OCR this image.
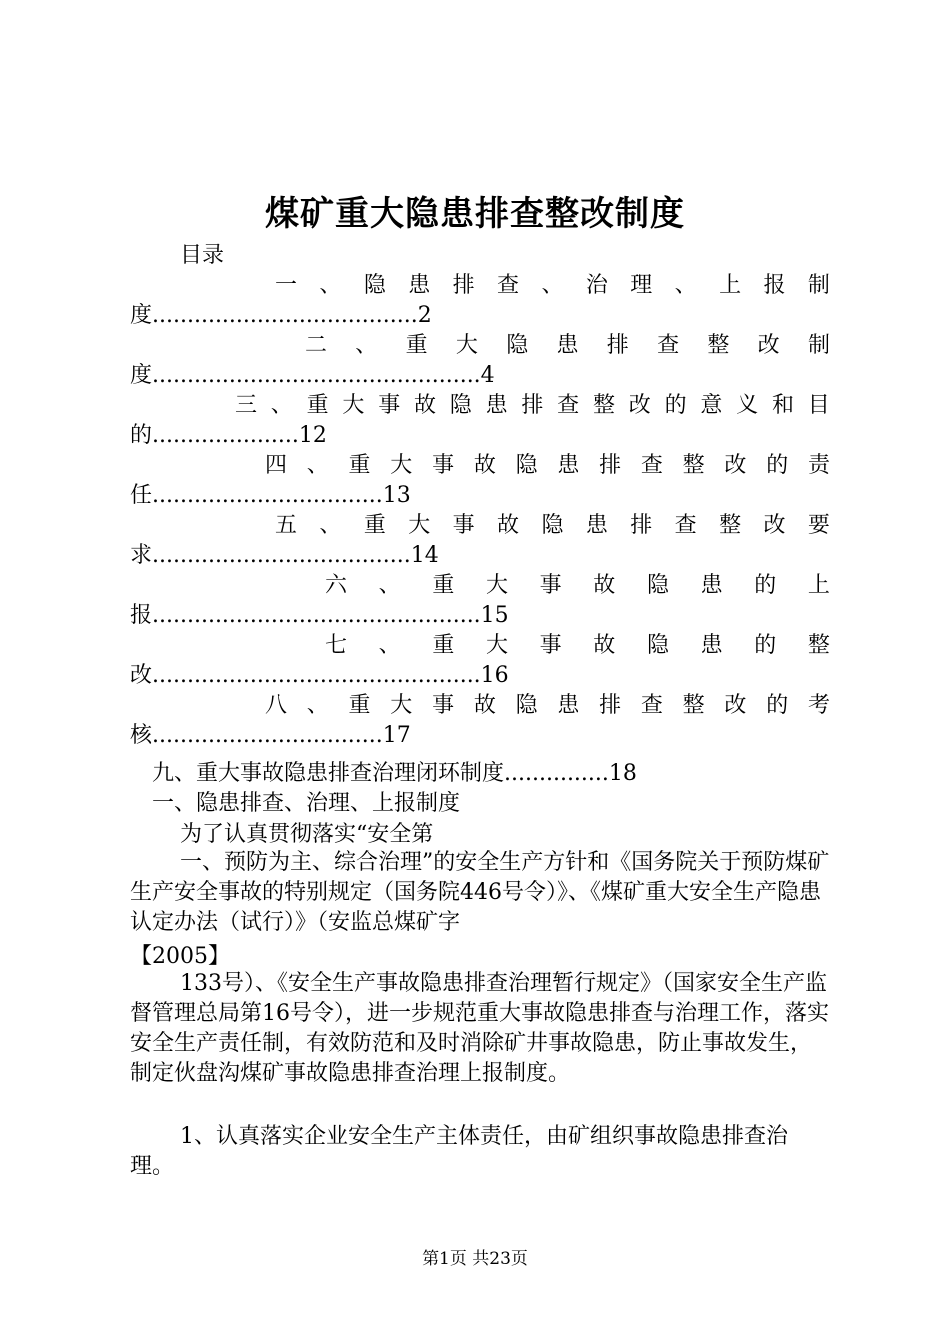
煤矿重大隐患排查整改制度
目录
一 、 隐 患 排 查 、 治 理 、 上 报 制
度......................................2
二 、 重 大 隐 患 排 查 整 改 制
度...............................................4
三 、 重 大 事 故 隐 患 排 查 整 改 的 意 义 和 目
的.....................12
四 、 重 大 事 故 隐 患 排 查 整 改 的 责
任.................................13
五 、 重 大 事 故 隐 患 排 查 整 改 要
求.....................................14
六 、 重 大 事 故 隐 患 的 上
报...............................................15
七 、 重 大 事 故 隐 患 的 整
改...............................................16
八 、 重 大 事 故 隐 患 排 查 整 改 的 考
核.................................17
九、重大事故隐患排查治理闭环制度...............18
一、隐患排查、治理、上报制度
为了认真贯彻落实“安全第
一、预防为主、综合治理”的安全生产方针和《国务院关于预防煤矿生产安全事故的特别规定（国务院446号令）》、《煤矿重大安全生产隐患认定办法（试行）》（安监总煤矿字
【2005】
133号）、《安全生产事故隐患排查治理暂行规定》（国家安全生产监督管理总局第16号令），进一步规范重大事故隐患排查与治理工作，落实安全生产责任制，有效防范和及时消除矿井事故隐患，防止事故发生，制定伙盘沟煤矿事故隐患排查治理上报制度。
1、认真落实企业安全生产主体责任，由矿组织事故隐患排查治理。
第1页 共23页
